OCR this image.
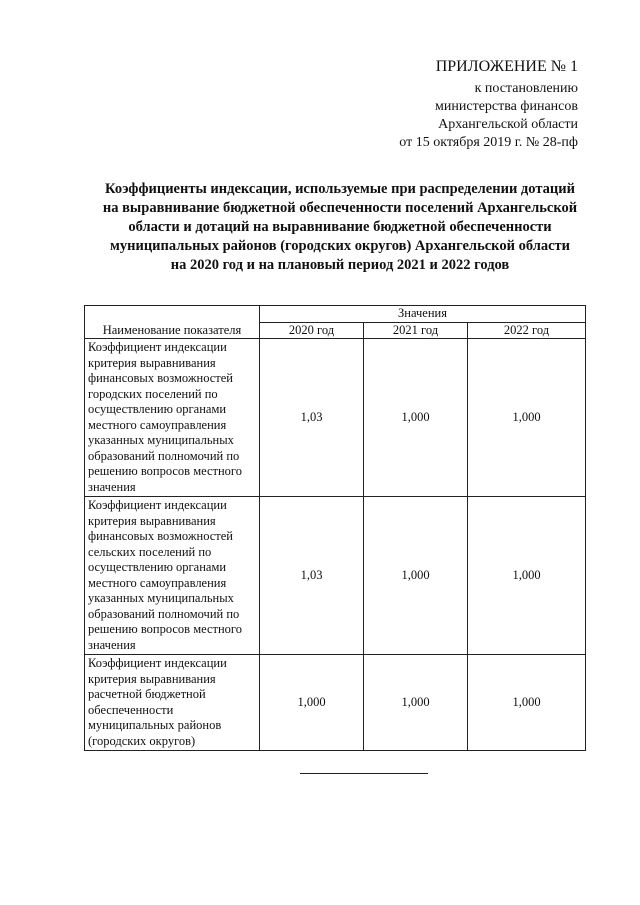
ПРИЛОЖЕНИЕ № 1
к постановлению
министерства финансов
Архангельской области
от 15 октября 2019 г. № 28-пф
Коэффициенты индексации, используемые при распределении дотаций
на выравнивание бюджетной обеспеченности поселений Архангельской
области и дотаций на выравнивание бюджетной обеспеченности
муниципальных районов (городских округов) Архангельской области
на 2020 год и на плановый период 2021 и 2022 годов
Наименование показателя	Значения		
	2020 год	2021 год	2022 год
Коэффициент индексации критерия выравнивания финансовых возможностей городских поселений по осуществлению органами местного самоуправления указанных муниципальных образований полномочий по решению вопросов местного значения	1,03	1,000	1,000
Коэффициент индексации критерия выравнивания финансовых возможностей сельских поселений по осуществлению органами местного самоуправления указанных муниципальных образований полномочий по решению вопросов местного значения	1,03	1,000	1,000
Коэффициент индексации критерия выравнивания расчетной бюджетной обеспеченности муниципальных районов (городских округов)	1,000	1,000	1,000
